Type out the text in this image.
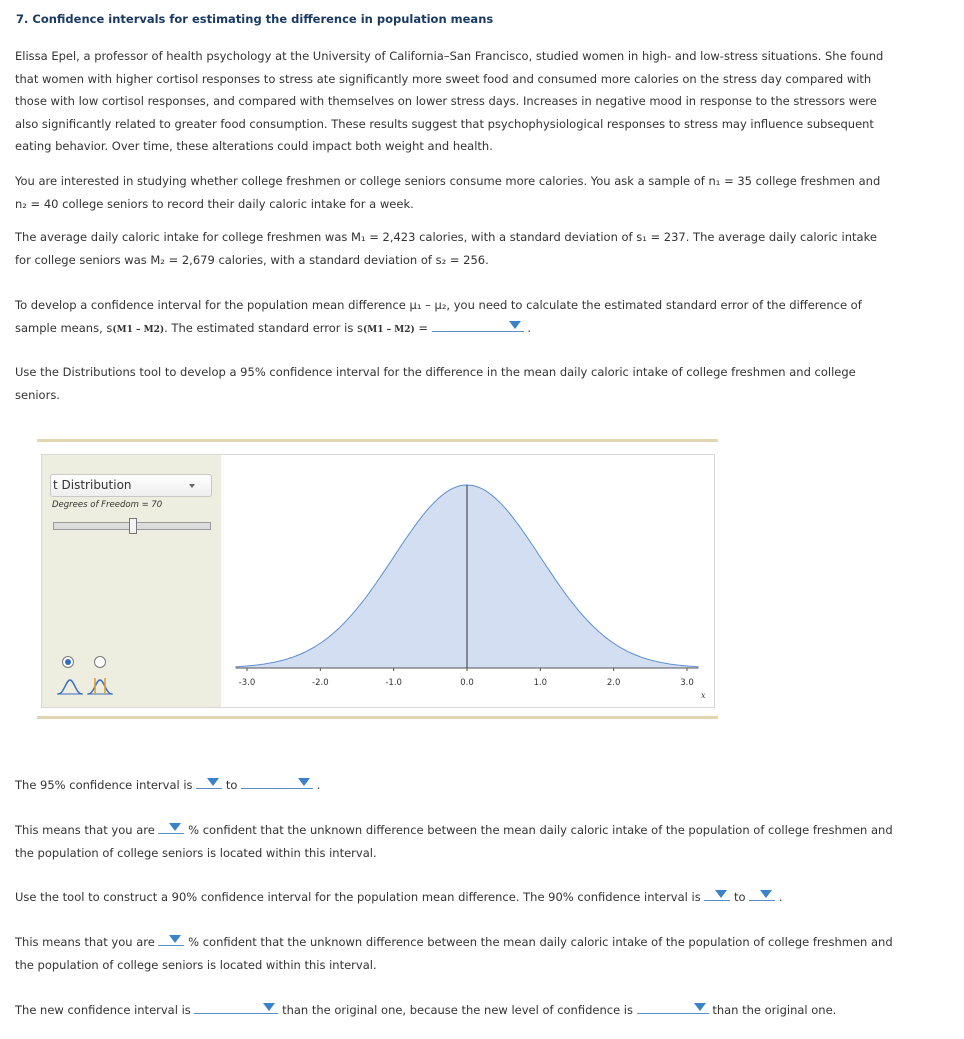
7. Confidence intervals for estimating the difference in population means

Elissa Epel, a professor of health psychology at the University of California–San Francisco, studied women in high- and low-stress situations. She found that women with higher cortisol responses to stress ate significantly more sweet food and consumed more calories on the stress day compared with those with low cortisol responses, and compared with themselves on lower stress days. Increases in negative mood in response to the stressors were also significantly related to greater food consumption. These results suggest that psychophysiological responses to stress may influence subsequent eating behavior. Over time, these alterations could impact both weight and health.

You are interested in studying whether college freshmen or college seniors consume more calories. You ask a sample of n₁ = 35 college freshmen and n₂ = 40 college seniors to record their daily caloric intake for a week.

The average daily caloric intake for college freshmen was M₁ = 2,423 calories, with a standard deviation of s₁ = 237. The average daily caloric intake for college seniors was M₂ = 2,679 calories, with a standard deviation of s₂ = 256.

To develop a confidence interval for the population mean difference μ₁ – μ₂, you need to calculate the estimated standard error of the difference of sample means, s(M1 – M2). The estimated standard error is s(M1 – M2) =	.

Use the Distributions tool to develop a 95% confidence interval for the difference in the mean daily caloric intake of college freshmen and college seniors.

t Distribution
Degrees of Freedom = 70
-3.0	-2.0	-1.0	0.0	1.0	2.0	3.0
x

The 95% confidence interval is	to	.

This means that you are	% confident that the unknown difference between the mean daily caloric intake of the population of college freshmen and the population of college seniors is located within this interval.

Use the tool to construct a 90% confidence interval for the population mean difference. The 90% confidence interval is	to	.

This means that you are	% confident that the unknown difference between the mean daily caloric intake of the population of college freshmen and the population of college seniors is located within this interval.

The new confidence interval is	than the original one, because the new level of confidence is	than the original one.
